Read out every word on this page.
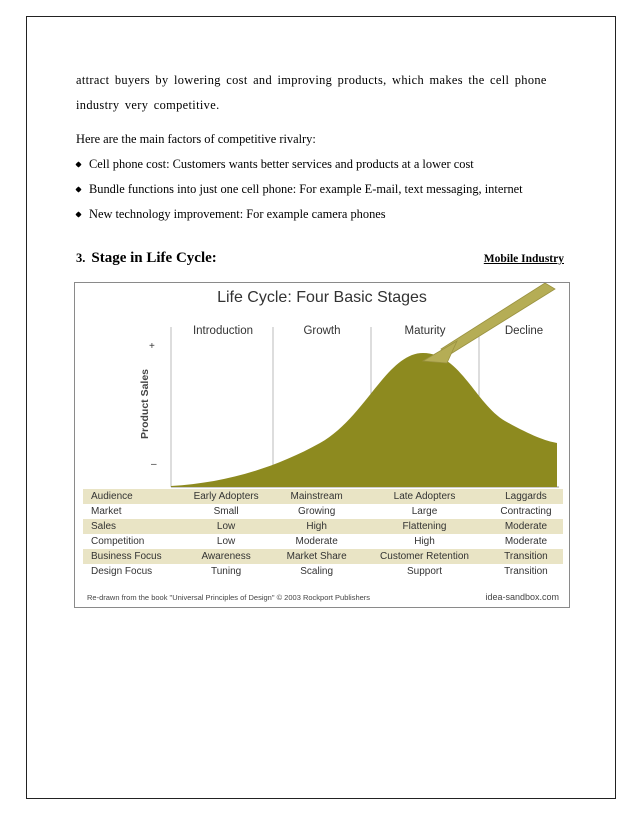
attract buyers by lowering cost and improving products, which makes the cell phone industry very competitive.

Here are the main factors of competitive rivalry:

Cell phone cost: Customers wants better services and products at a lower cost
Bundle functions into just one cell phone: For example E-mail, text messaging, internet
New technology improvement: For example camera phones
3. Stage in Life Cycle:	Mobile Industry
Life Cycle: Four Basic Stages
Introduction	Growth	Maturity	Decline
+
–
Product Sales
Audience	Early Adopters	Mainstream	Late Adopters	Laggards
Market	Small	Growing	Large	Contracting
Sales	Low	High	Flattening	Moderate
Competition	Low	Moderate	High	Moderate
Business Focus	Awareness	Market Share	Customer Retention	Transition
Design Focus	Tuning	Scaling	Support	Transition
Re-drawn from the book "Universal Principles of Design" © 2003 Rockport Publishers	idea-sandbox.com
